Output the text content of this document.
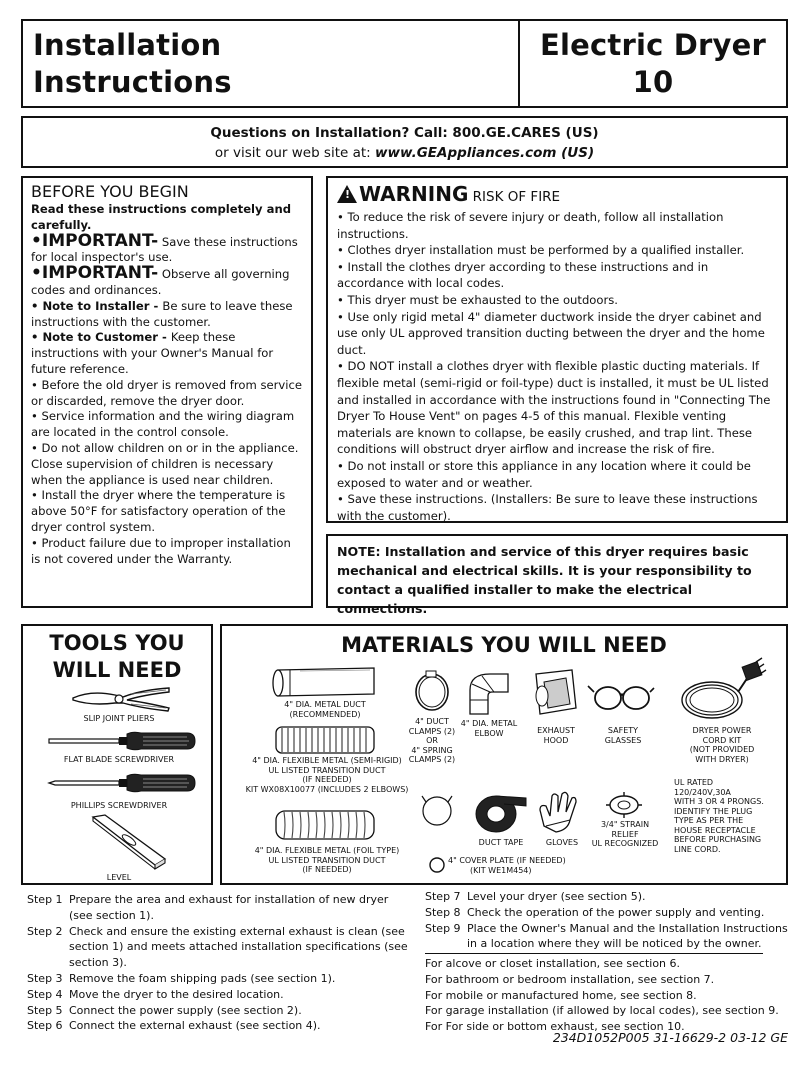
Installation
Instructions
Electric Dryer
10
Questions on Installation? Call: 800.GE.CARES (US)
or visit our web site at: www.GEAppliances.com (US)
BEFORE YOU BEGIN

Read these instructions completely and carefully.

•IMPORTANT- Save these instructions for local inspector's use.

•IMPORTANT- Observe all governing codes and ordinances.

• Note to Installer - Be sure to leave these instructions with the customer.

• Note to Customer - Keep these instructions with your Owner's Manual for future reference.

• Before the old dryer is removed from service or discarded, remove the dryer door.

• Service information and the wiring diagram are located in the control console.

• Do not allow children on or in the appliance. Close supervision of children is necessary when the appliance is used near children.

• Install the dryer where the temperature is above 50°F for satisfactory operation of the dryer control system.

• Product failure due to improper installation is not covered under the Warranty.

!WARNING RISK OF FIRE

• To reduce the risk of severe injury or death, follow all installation instructions.

• Clothes dryer installation must be performed by a qualified installer.

• Install the clothes dryer according to these instructions and in accordance with local codes.

• This dryer must be exhausted to the outdoors.

• Use only rigid metal 4" diameter ductwork inside the dryer cabinet and use only UL approved transition ducting between the dryer and the home duct.

• DO NOT install a clothes dryer with flexible plastic ducting materials. If flexible metal (semi-rigid or foil-type) duct is installed, it must be UL listed and installed in accordance with the instructions found in "Connecting The Dryer To House Vent" on pages 4-5 of this manual. Flexible venting materials are known to collapse, be easily crushed, and trap lint. These conditions will obstruct dryer airflow and increase the risk of fire.

• Do not install or store this appliance in any location where it could be exposed to water and or weather.

• Save these instructions. (Installers: Be sure to leave these instructions with the customer).

NOTE: Installation and service of this dryer requires basic mechanical and electrical skills. It is your responsibility to contact a qualified installer to make the electrical connections.
TOOLS YOU
WILL NEED
SLIP JOINT PLIERS
FLAT BLADE SCREWDRIVER
PHILLIPS SCREWDRIVER
LEVEL
MATERIALS YOU WILL NEED
4" DIA. METAL DUCT
(RECOMMENDED)
4" DIA. FLEXIBLE METAL (SEMI-RIGID)
UL LISTED TRANSITION DUCT
(IF NEEDED)
KIT WX08X10077 (INCLUDES 2 ELBOWS)
4" DIA. FLEXIBLE METAL (FOIL TYPE)
UL LISTED TRANSITION DUCT
(IF NEEDED)
4" DUCT
CLAMPS (2)
OR
4" SPRING
CLAMPS (2)
4" DIA. METAL
ELBOW	EXHAUST
HOOD
SAFETY
GLASSES
DRYER POWER
CORD KIT
(NOT PROVIDED
WITH DRYER)
UL RATED
120/240V,30A
WITH 3 OR 4 PRONGS.
IDENTIFY THE PLUG
TYPE AS PER THE
HOUSE RECEPTACLE
BEFORE PURCHASING
LINE CORD.
DUCT TAPE	GLOVES
3/4" STRAIN
RELIEF
UL RECOGNIZED
4" COVER PLATE (IF NEEDED)
(KIT WE1M454)
Step 1 Prepare the area and exhaust for installation of new dryer (see section 1).
Step 2 Check and ensure the existing external exhaust is clean (see section 1) and meets attached installation specifications (see section 3).
Step 3 Remove the foam shipping pads (see section 1).
Step 4 Move the dryer to the desired location.
Step 5 Connect the power supply (see section 2).
Step 6 Connect the external exhaust (see section 4).
Step 7 Level your dryer (see section 5).
Step 8 Check the operation of the power supply and venting.
Step 9 Place the Owner's Manual and the Installation Instructions in a location where they will be noticed by the owner.
For alcove or closet installation, see section 6.
For bathroom or bedroom installation, see section 7.
For mobile or manufactured home, see section 8.
For garage installation (if allowed by local codes), see section 9.
For For side or bottom exhaust, see section 10.
234D1052P005 31-16629-2 03-12 GE
